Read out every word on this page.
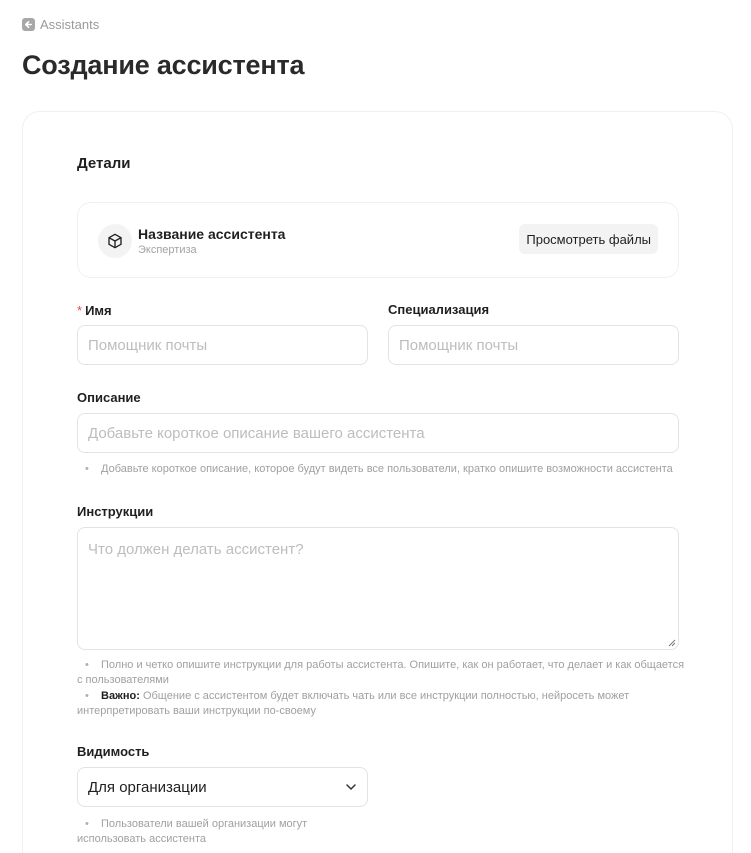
Assistants
Создание ассистента
Детали
Название ассистента
Экспертиза
Просмотреть файлы
* Имя
Помощник почты
Специализация
Помощник почты
Описание
Добавьте короткое описание вашего ассистента
• Добавьте короткое описание, которое будут видеть все пользователи, кратко опишите возможности ассистента
Инструкции
Что должен делать ассистент?
• Полно и четко опишите инструкции для работы ассистента. Опишите, как он работает, что делает и как общается с пользователями
• Важно: Общение с ассистентом будет включать чать или все инструкции полностью, нейросеть может интерпретировать ваши инструкции по-своему
Видимость
Для организации
• Пользователи вашей организации могут использовать ассистента
